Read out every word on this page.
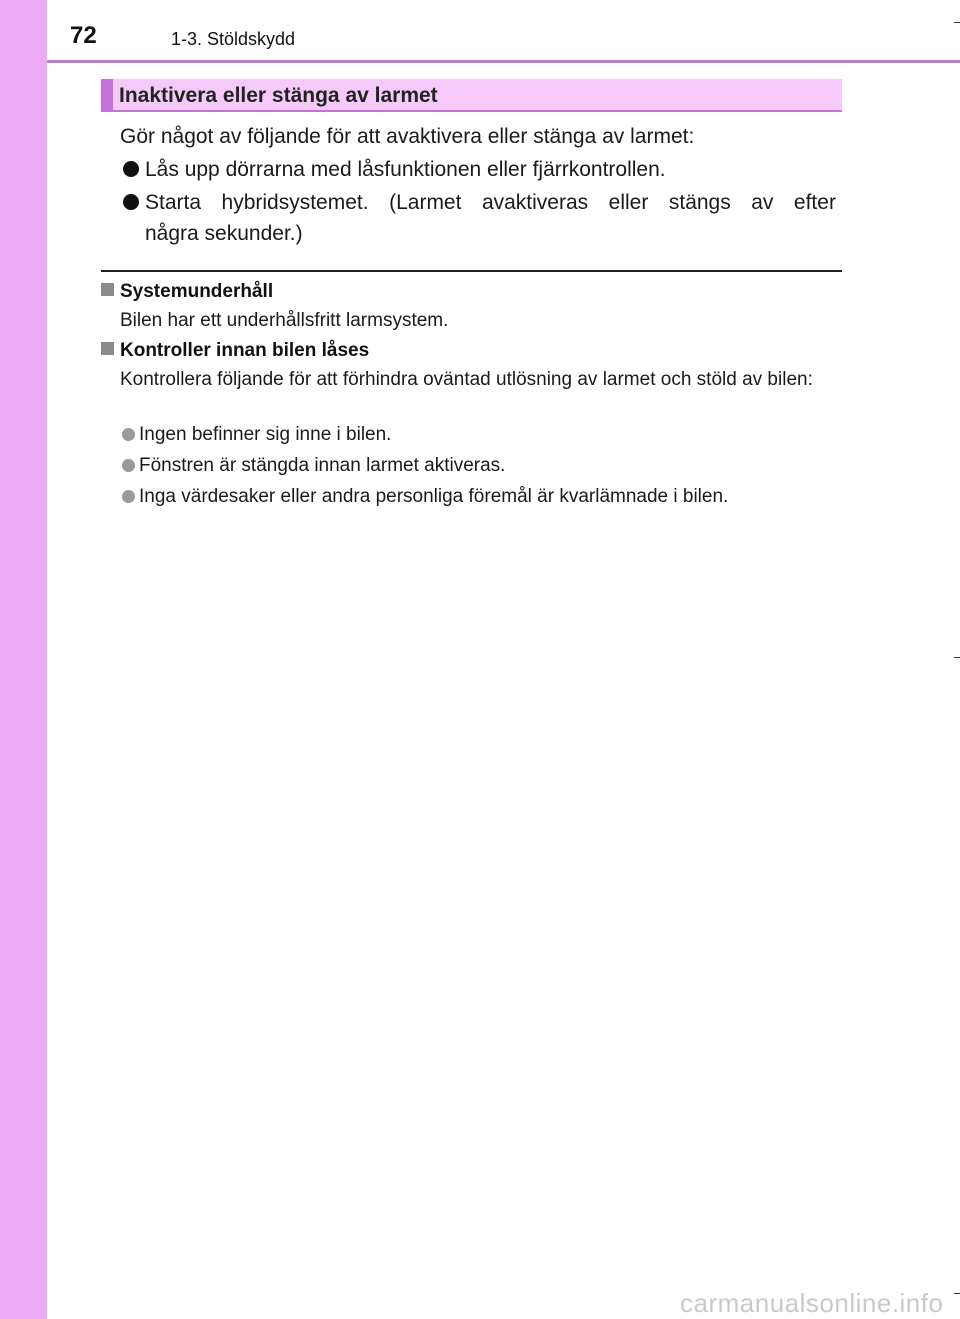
72	1-3. Stöldskydd
Inaktivera eller stänga av larmet
Gör något av följande för att avaktivera eller stänga av larmet:
Lås upp dörrarna med låsfunktionen eller fjärrkontrollen.
Starta hybridsystemet. (Larmet avaktiveras eller stängs av efter
några sekunder.)
Systemunderhåll
Bilen har ett underhållsfritt larmsystem.
Kontroller innan bilen låses
Kontrollera följande för att förhindra oväntad utlösning av larmet och stöld av bilen:
Ingen befinner sig inne i bilen.
Fönstren är stängda innan larmet aktiveras.
Inga värdesaker eller andra personliga föremål är kvarlämnade i bilen.
carmanualsonline.info
